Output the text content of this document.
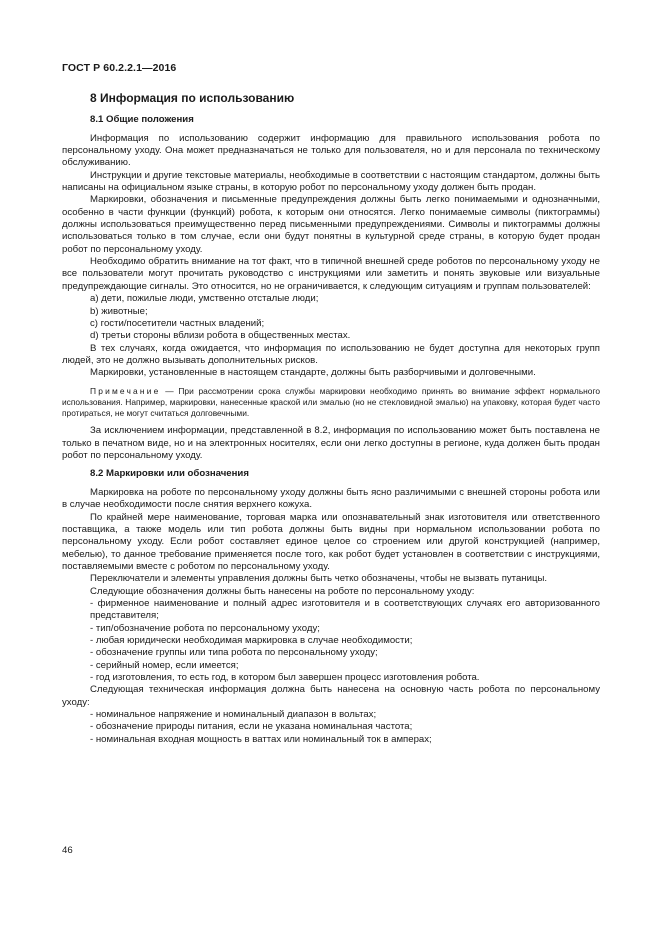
ГОСТ Р 60.2.2.1—2016
8 Информация по использованию
8.1 Общие положения

Информация по использованию содержит информацию для правильного использования робота по персональному уходу. Она может предназначаться не только для пользователя, но и для персонала по техническому обслуживанию.

Инструкции и другие текстовые материалы, необходимые в соответствии с настоящим стандартом, должны быть написаны на официальном языке страны, в которую робот по персональному уходу должен быть продан.

Маркировки, обозначения и письменные предупреждения должны быть легко понимаемыми и однозначными, особенно в части функции (функций) робота, к которым они относятся. Легко понимаемые символы (пиктограммы) должны использоваться преимущественно перед письменными предупреждениями. Символы и пиктограммы должны использоваться только в том случае, если они будут понятны в культурной среде страны, в которую будет продан робот по персональному уходу.

Необходимо обратить внимание на тот факт, что в типичной внешней среде роботов по персональному уходу не все пользователи могут прочитать руководство с инструкциями или заметить и понять звуковые или визуальные предупреждающие сигналы. Это относится, но не ограничивается, к следующим ситуациям и группам пользователей:

a) дети, пожилые люди, умственно отсталые люди;

b) животные;

c) гости/посетители частных владений;

d) третьи стороны вблизи робота в общественных местах.

В тех случаях, когда ожидается, что информация по использованию не будет доступна для некоторых групп людей, это не должно вызывать дополнительных рисков.

Маркировки, установленные в настоящем стандарте, должны быть разборчивыми и долговечными.

Примечание — При рассмотрении срока службы маркировки необходимо принять во внимание эффект нормального использования. Например, маркировки, нанесенные краской или эмалью (но не стекловидной эмалью) на упаковку, которая будет часто протираться, не могут считаться долговечными.

За исключением информации, представленной в 8.2, информация по использованию может быть поставлена не только в печатном виде, но и на электронных носителях, если они легко доступны в регионе, куда должен быть продан робот по персональному уходу.

8.2 Маркировки или обозначения

Маркировка на роботе по персональному уходу должны быть ясно различимыми с внешней стороны робота или в случае необходимости после снятия верхнего кожуха.

По крайней мере наименование, торговая марка или опознавательный знак изготовителя или ответственного поставщика, а также модель или тип робота должны быть видны при нормальном использовании робота по персональному уходу. Если робот составляет единое целое со строением или другой конструкцией (например, мебелью), то данное требование применяется после того, как робот будет установлен в соответствии с инструкциями, поставляемыми вместе с роботом по персональному уходу.

Переключатели и элементы управления должны быть четко обозначены, чтобы не вызвать путаницы.

Следующие обозначения должны быть нанесены на роботе по персональному уходу:

- фирменное наименование и полный адрес изготовителя и в соответствующих случаях его авторизованного представителя;

- тип/обозначение робота по персональному уходу;

- любая юридически необходимая маркировка в случае необходимости;

- обозначение группы или типа робота по персональному уходу;

- серийный номер, если имеется;

- год изготовления, то есть год, в котором был завершен процесс изготовления робота.

Следующая техническая информация должна быть нанесена на основную часть робота по персональному уходу:

- номинальное напряжение и номинальный диапазон в вольтах;

- обозначение природы питания, если не указана номинальная частота;

- номинальная входная мощность в ваттах или номинальный ток в амперах;

46
